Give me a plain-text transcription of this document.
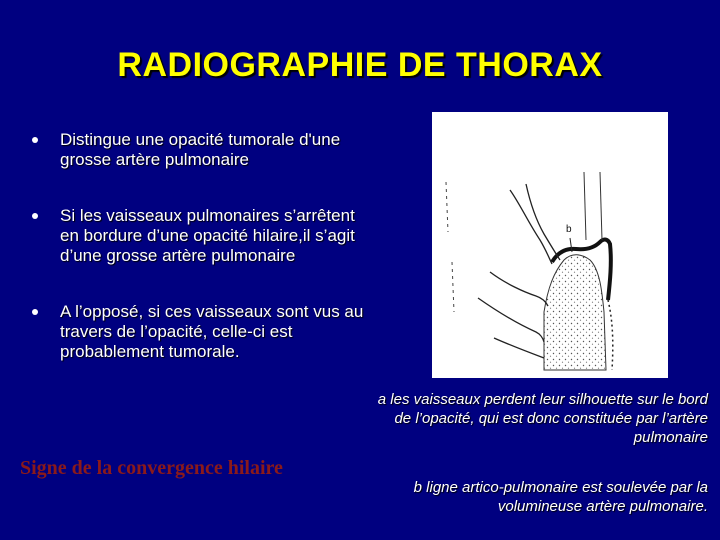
RADIOGRAPHIE DE THORAX
Distingue une opacité tumorale d'une grosse artère pulmonaire
Si les vaisseaux pulmonaires s’arrêtent en bordure d’une opacité hilaire,il s’agit d’une grosse artère pulmonaire
A l’opposé, si ces vaisseaux sont vus au travers de l’opacité, celle-ci est probablement tumorale.
b
a les vaisseaux perdent leur silhouette sur le bord de l’opacité, qui est donc constituée par l’artère pulmonaire
Signe de la convergence hilaire
b ligne artico-pulmonaire est soulevée par la volumineuse artère pulmonaire.
